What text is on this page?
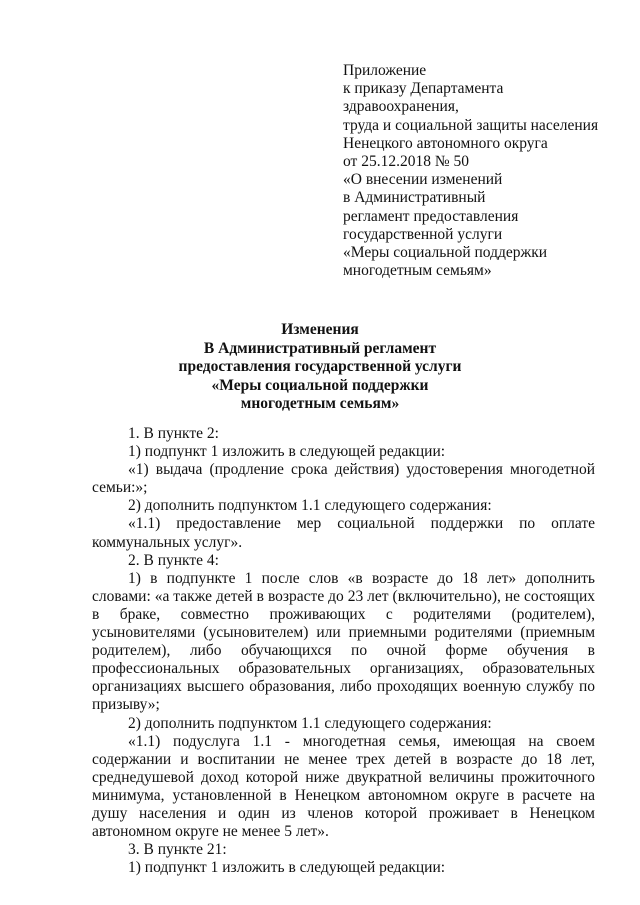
Приложение
к приказу Департамента
здравоохранения,
труда и социальной защиты населения
Ненецкого автономного округа
от 25.12.2018 № 50
«О внесении изменений
в Административный
регламент предоставления
государственной услуги
«Меры социальной поддержки
многодетным семьям»
Изменения
В Административный регламент
предоставления государственной услуги
«Меры социальной поддержки
многодетным семьям»

1. В пункте 2:

1) подпункт 1 изложить в следующей редакции:

«1) выдача (продление срока действия) удостоверения многодетной семьи:»;

2) дополнить подпунктом 1.1 следующего содержания:

«1.1) предоставление мер социальной поддержки по оплате коммунальных услуг».

2. В пункте 4:

1) в подпункте 1 после слов «в возрасте до 18 лет» дополнить словами: «а также детей в возрасте до 23 лет (включительно), не состоящих в браке, совместно проживающих с родителями (родителем), усыновителями (усыновителем) или приемными родителями (приемным родителем), либо обучающихся по очной форме обучения в профессиональных образовательных организациях, образовательных организациях высшего образования, либо проходящих военную службу по призыву»;

2) дополнить подпунктом 1.1 следующего содержания:

«1.1) подуслуга 1.1 - многодетная семья, имеющая на своем содержании и воспитании не менее трех детей в возрасте до 18 лет, среднедушевой доход которой ниже двукратной величины прожиточного минимума, установленной в Ненецком автономном округе в расчете на душу населения и один из членов которой проживает в Ненецком автономном округе не менее 5 лет».

3. В пункте 21:

1) подпункт 1 изложить в следующей редакции:
